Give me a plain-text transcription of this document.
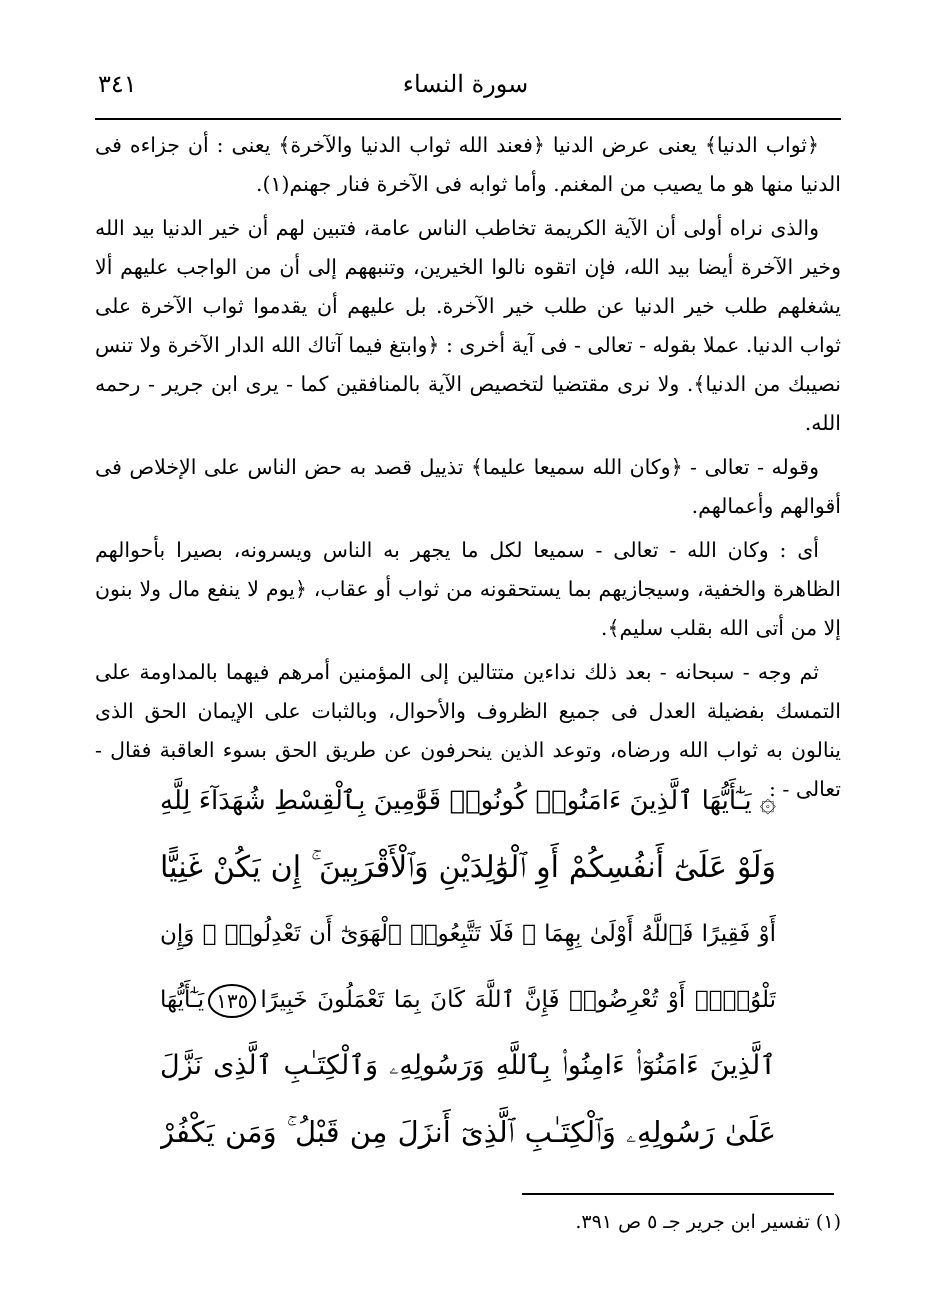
٣٤١	سورة النساء

﴿ثواب الدنيا﴾ يعنى عرض الدنيا ﴿فعند الله ثواب الدنيا والآخرة﴾ يعنى : أن جزاءه فى الدنيا منها هو ما يصيب من المغنم. وأما ثوابه فى الآخرة فنار جهنم(١).

والذى نراه أولى أن الآية الكريمة تخاطب الناس عامة، فتبين لهم أن خير الدنيا بيد الله وخير الآخرة أيضا بيد الله، فإن اتقوه نالوا الخيرين، وتنبههم إلى أن من الواجب عليهم ألا يشغلهم طلب خير الدنيا عن طلب خير الآخرة. بل عليهم أن يقدموا ثواب الآخرة على ثواب الدنيا. عملا بقوله - تعالى - فى آية أخرى : ﴿وابتغ فيما آتاك الله الدار الآخرة ولا تنس نصيبك من الدنيا﴾. ولا نرى مقتضيا لتخصيص الآية بالمنافقين كما - يرى ابن جرير - رحمه الله.

وقوله - تعالى - ﴿وكان الله سميعا عليما﴾ تذييل قصد به حض الناس على الإخلاص فى أقوالهم وأعمالهم.

أى : وكان الله - تعالى - سميعا لكل ما يجهر به الناس ويسرونه، بصيرا بأحوالهم الظاهرة والخفية، وسيجازيهم بما يستحقونه من ثواب أو عقاب، ﴿يوم لا ينفع مال ولا بنون إلا من أتى الله بقلب سليم﴾.

ثم وجه - سبحانه - بعد ذلك نداءين متتالين إلى المؤمنين أمرهم فيهما بالمداومة على التمسك بفضيلة العدل فى جميع الظروف والأحوال، وبالثبات على الإيمان الحق الذى ينالون به ثواب الله ورضاه، وتوعد الذين ينحرفون عن طريق الحق بسوء العاقبة فقال - تعالى - :

۞يَـٰٓأَيُّهَا ٱلَّذِينَ ءَامَنُوا۟ كُونُوا۟ قَوَّٰمِينَ بِٱلْقِسْطِ شُهَدَآءَ لِلَّهِ
وَلَوْ عَلَىٰٓ أَنفُسِكُمْ أَوِ ٱلْوَٰلِدَيْنِ وَٱلْأَقْرَبِينَ ۚ إِن يَكُنْ غَنِيًّا
أَوْ فَقِيرًا فَٱللَّهُ أَوْلَىٰ بِهِمَا ۖ فَلَا تَتَّبِعُوا۟ ٱلْهَوَىٰٓ أَن تَعْدِلُوا۟ ۚ وَإِن
تَلْوُۥٓا۟ أَوْ تُعْرِضُوا۟ فَإِنَّ ٱللَّهَ كَانَ بِمَا تَعْمَلُونَ خَبِيرًا١٣٥يَـٰٓأَيُّهَا
ٱلَّذِينَ ءَامَنُوٓا۟ ءَامِنُوا۟ بِٱللَّهِ وَرَسُولِهِۦ وَٱلْكِتَـٰبِ ٱلَّذِى نَزَّلَ
عَلَىٰ رَسُولِهِۦ وَٱلْكِتَـٰبِ ٱلَّذِىٓ أَنزَلَ مِن قَبْلُ ۚ وَمَن يَكْفُرْ
(١) تفسير ابن جرير جـ ٥ ص ٣٩١.
